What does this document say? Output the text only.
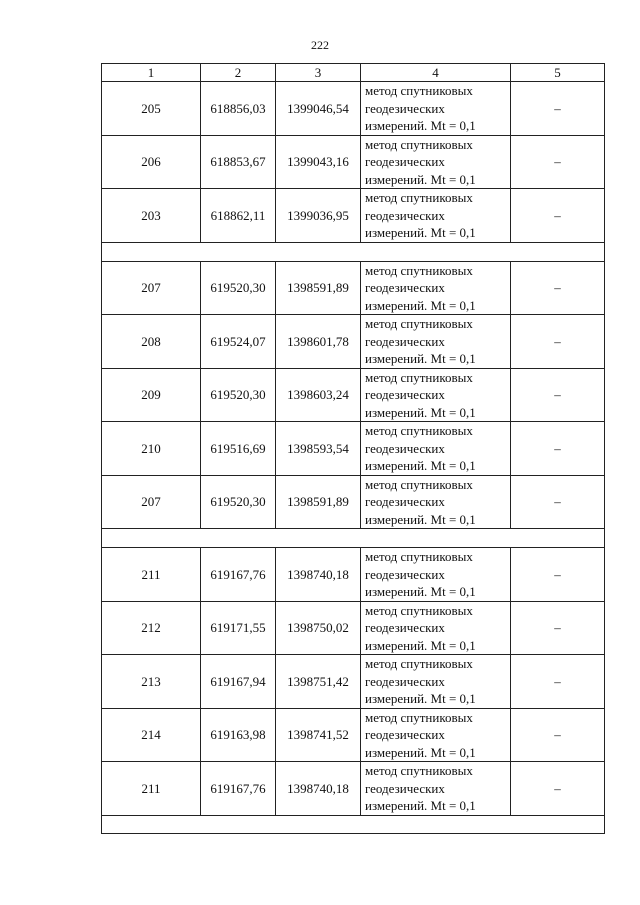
222
1	2	3	4	5
205	618856,03	1399046,54	метод спутниковых
геодезических
измерений. Mt = 0,1	–
206	618853,67	1399043,16	метод спутниковых
геодезических
измерений. Mt = 0,1	–
203	618862,11	1399036,95	метод спутниковых
геодезических
измерений. Mt = 0,1	–

207	619520,30	1398591,89	метод спутниковых
геодезических
измерений. Mt = 0,1	–
208	619524,07	1398601,78	метод спутниковых
геодезических
измерений. Mt = 0,1	–
209	619520,30	1398603,24	метод спутниковых
геодезических
измерений. Mt = 0,1	–
210	619516,69	1398593,54	метод спутниковых
геодезических
измерений. Mt = 0,1	–
207	619520,30	1398591,89	метод спутниковых
геодезических
измерений. Mt = 0,1	–

211	619167,76	1398740,18	метод спутниковых
геодезических
измерений. Mt = 0,1	–
212	619171,55	1398750,02	метод спутниковых
геодезических
измерений. Mt = 0,1	–
213	619167,94	1398751,42	метод спутниковых
геодезических
измерений. Mt = 0,1	–
214	619163,98	1398741,52	метод спутниковых
геодезических
измерений. Mt = 0,1	–
211	619167,76	1398740,18	метод спутниковых
геодезических
измерений. Mt = 0,1	–
